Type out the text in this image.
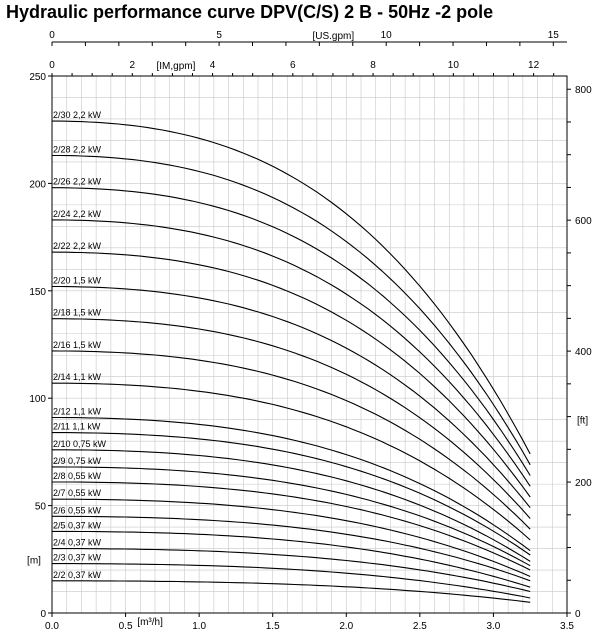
Hydraulic performance curve DPV(C/S) 2 B - 50Hz -2 pole
0.0	0.5	1.0	1.5	2.0	2.5	3.0	3.5
[m³/h]
0
50
100
150
200
250
[m]
0	5	10	15
[US.gpm]
0	2	4	6	8	10	12
[IM,gpm]
0
200
400
600
800
[ft]
2/30 2,2 kW
2/28 2,2 kW
2/26 2,2 kW
2/24 2,2 kW
2/22 2,2 kW
2/20 1,5 kW
2/18 1,5 kW
2/16 1,5 kW
2/14 1,1 kW
2/12 1,1 kW
2/11 1,1 kW
2/10 0,75 kW
2/9 0,75 kW
2/8 0,55 kW
2/7 0,55 kW
2/6 0,55 kW
2/5 0,37 kW
2/4 0,37 kW
2/3 0,37 kW
2/2 0,37 kW
